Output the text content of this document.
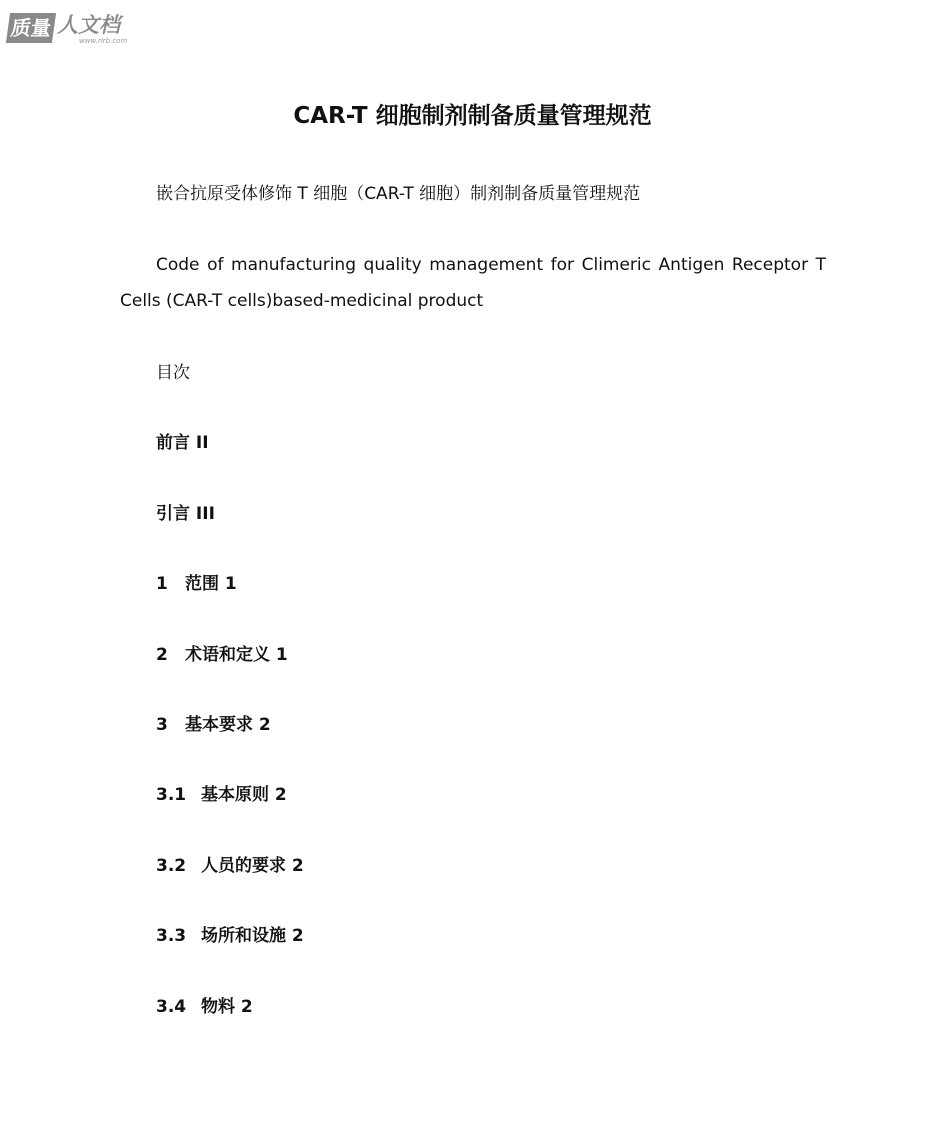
质量 人文档
www.rlrb.com
CAR-T 细胞制剂制备质量管理规范
嵌合抗原受体修饰 T 细胞（CAR-T 细胞）制剂制备质量管理规范
Code of manufacturing quality management for Climeric Antigen Receptor T Cells (CAR-T cells)based-medicinal product
目次
前言 II
引言 III
1 范围 1
2 术语和定义 1
3 基本要求 2
3.1 基本原则 2
3.2 人员的要求 2
3.3 场所和设施 2
3.4 物料 2
